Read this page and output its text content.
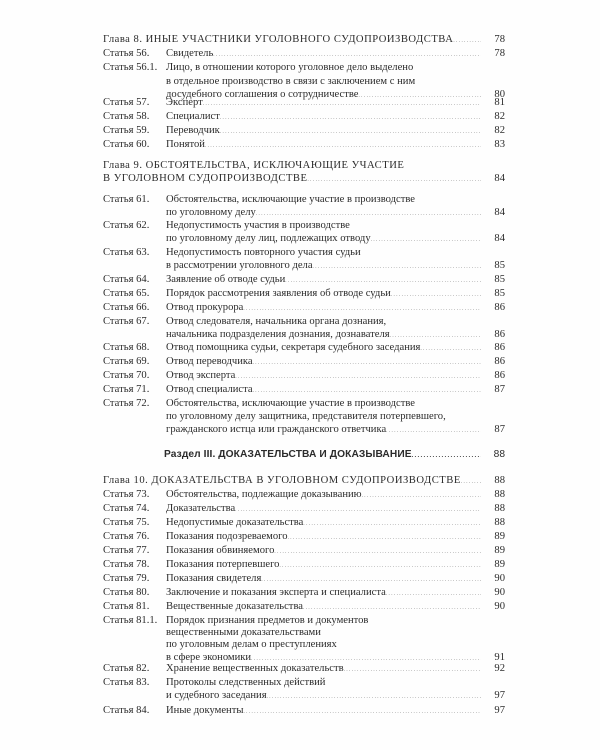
Глава 8. ИНЫЕ УЧАСТНИКИ УГОЛОВНОГО СУДОПРОИЗВОДСТВА . . .	78
Статья 56. Свидетель . . .	78
Статья 56.1. Лицо, в отношении которого уголовное дело выделено
в отдельное производство в связи с заключением с ним
досудебного соглашения о сотрудничестве . . .	80
Статья 57. Эксперт . . .	81
Статья 58. Специалист . . .	82
Статья 59. Переводчик . . .	82
Статья 60. Понятой . . .	83
Глава 9. ОБСТОЯТЕЛЬСТВА, ИСКЛЮЧАЮЩИЕ УЧАСТИЕ
В УГОЛОВНОМ СУДОПРОИЗВОДСТВЕ . . .	84
Статья 61. Обстоятельства, исключающие участие в производстве
по уголовному делу . . .	84
Статья 62. Недопустимость участия в производстве
по уголовному делу лиц, подлежащих отводу . . .	84
Статья 63. Недопустимость повторного участия судьи
в рассмотрении уголовного дела . . .	85
Статья 64. Заявление об отводе судьи . . .	85
Статья 65. Порядок рассмотрения заявления об отводе судьи . . .	85
Статья 66. Отвод прокурора . . .	86
Статья 67. Отвод следователя, начальника органа дознания,
начальника подразделения дознания, дознавателя . . .	86
Статья 68. Отвод помощника судьи, секретаря судебного заседания . . .	86
Статья 69. Отвод переводчика . . .	86
Статья 70. Отвод эксперта . . .	86
Статья 71. Отвод специалиста . . .	87
Статья 72. Обстоятельства, исключающие участие в производстве
по уголовному делу защитника, представителя потерпевшего,
гражданского истца или гражданского ответчика . . .	87
Раздел III. ДОКАЗАТЕЛЬСТВА И ДОКАЗЫВАНИЕ . . .	88
Глава 10. ДОКАЗАТЕЛЬСТВА В УГОЛОВНОМ СУДОПРОИЗВОДСТВЕ . . .	88
Статья 73. Обстоятельства, подлежащие доказыванию . . .	88
Статья 74. Доказательства . . .	88
Статья 75. Недопустимые доказательства . . .	88
Статья 76. Показания подозреваемого . . .	89
Статья 77. Показания обвиняемого . . .	89
Статья 78. Показания потерпевшего . . .	89
Статья 79. Показания свидетеля . . .	90
Статья 80. Заключение и показания эксперта и специалиста . . .	90
Статья 81. Вещественные доказательства . . .	90
Статья 81.1. Порядок признания предметов и документов
вещественными доказательствами
по уголовным делам о преступлениях
в сфере экономики . . .	91
Статья 82. Хранение вещественных доказательств . . .	92
Статья 83. Протоколы следственных действий
и судебного заседания . . .	97
Статья 84. Иные документы . . .	97
